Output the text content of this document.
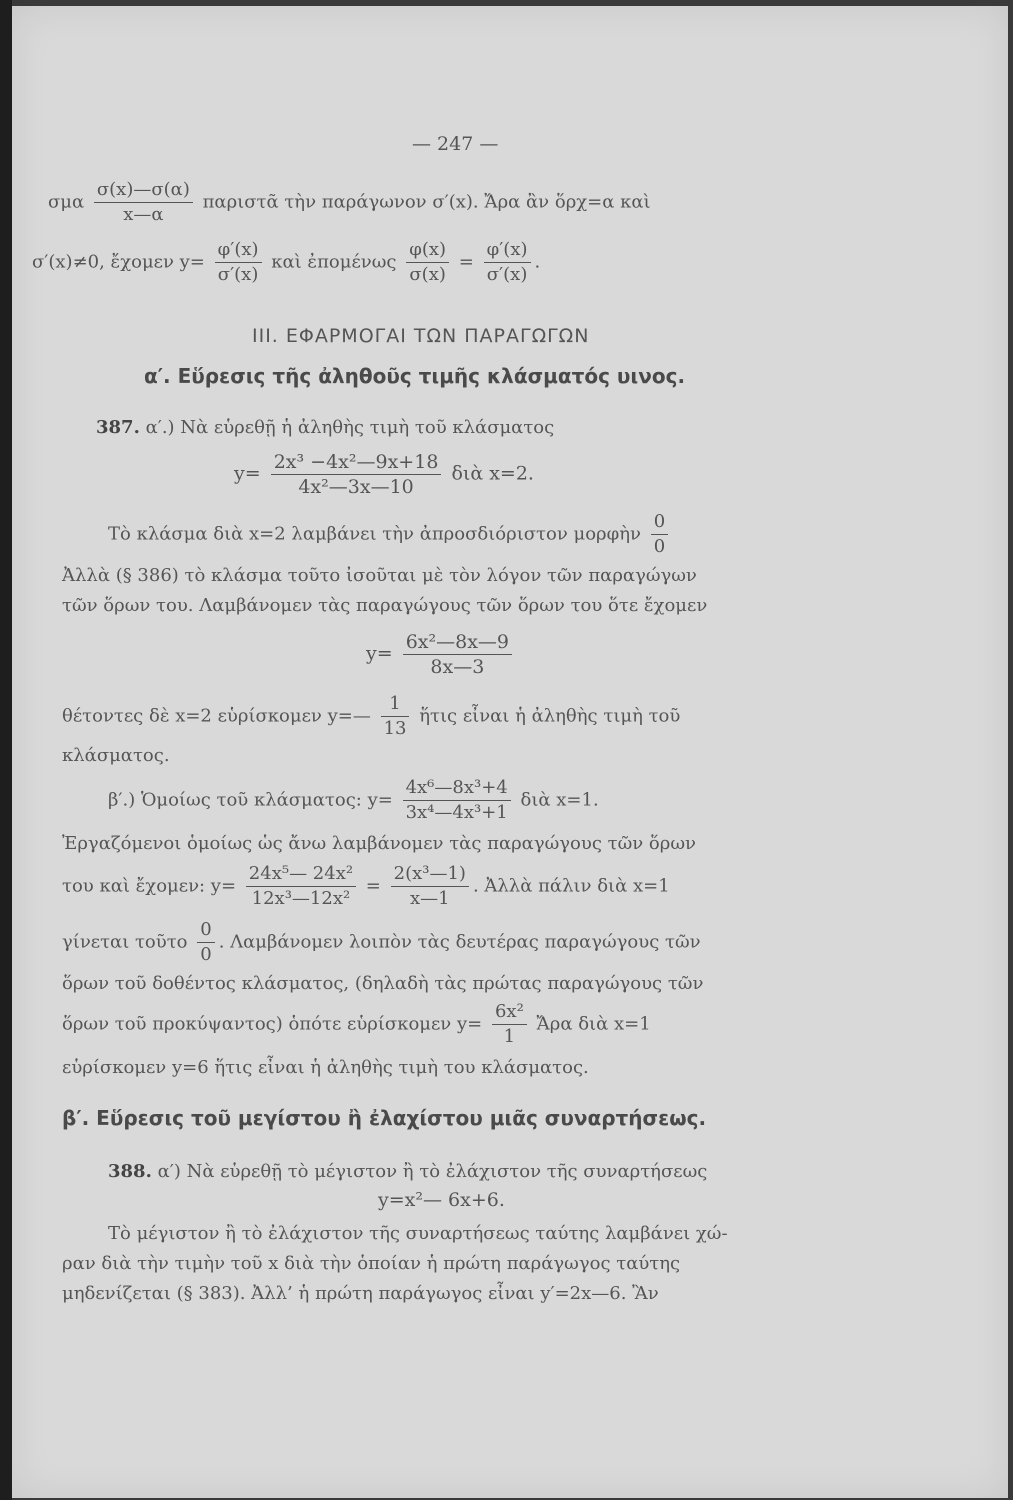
— 247 —
σμα $\frac{\sigma(x)—\sigma(\alpha)}{x—\alpha}$ παριστᾶ τὴν παράγωνον σ′(x). Ἄρα ἂν ὅρχ=α καὶ
σ′(x)≠0, ἔχομεν $y= \frac{\varphi'(x)}{\sigma'(x)}$ καὶ ἐπομένως $\frac{\varphi(x)}{\sigma(x)} = \frac{\varphi'(x)}{\sigma'(x)}$ .
III. ΕΦΑΡΜΟΓΑΙ ΤΩΝ ΠΑΡΑΓΩΓΩΝ
α′. Εὕρεσις τῆς ἀληθοῦς τιμῆς κλάσματός υινος.
387. α′.) Νὰ εὑρεθῇ ἡ ἀληθὴς τιμὴ τοῦ κλάσματος
$y= \frac{\text{2x³ −4x²—9x+18}}{\text{4x²—3x—10}}$ διὰ x=2.
Τὸ κλάσμα διὰ x=2 λαμβάνει τὴν ἀπροσδιόριστον μορφὴν $\frac{0}{0}$
Ἀλλὰ (§ 386) τὸ κλάσμα τοῦτο ἰσοῦται μὲ τὸν λόγον τῶν παραγώγων
τῶν ὅρων του. Λαμβάνομεν τὰς παραγώγους τῶν ὅρων του ὅτε ἔχομεν
$y= \frac{\text{6x²—8x—9}}{8x—3}$
θέτοντες δὲ x=2 εὑρίσκομεν y=— $\frac{1}{13}$ ἥτις εἶναι ἡ ἀληθὴς τιμὴ τοῦ
κλάσματος.
β′.) Ὁμοίως τοῦ κλάσματος: $y= \frac{\text{4x⁶—8x³+4}}{\text{3x⁴—4x³+1}}$ διὰ x=1.
Ἐργαζόμενοι ὁμοίως ὡς ἄνω λαμβάνομεν τὰς παραγώγους τῶν ὅρων
του καὶ ἔχομεν: $y= \frac{\text{24x⁵— 24x²}}{\text{12x³—12x²}} = \frac{\text{2(x³—1)}}{x—1}$ . Ἀλλὰ πάλιν διὰ x=1
γίνεται τοῦτο $\frac{0}{0}$ . Λαμβάνομεν λοιπὸν τὰς δευτέρας παραγώγους τῶν
ὅρων τοῦ δοθέντος κλάσματος, (δηλαδὴ τὰς πρώτας παραγώγους τῶν
ὅρων τοῦ προκύψαντος) ὁπότε εὑρίσκομεν $y= \frac{\text{6x²}}{1}$ Ἄρα διὰ x=1
εὑρίσκομεν y=6 ἥτις εἶναι ἡ ἀληθὴς τιμὴ του κλάσματος.
β′. Εὕρεσις τοῦ μεγίστου ἢ ἐλαχίστου μιᾶς συναρτήσεως.
388. α′) Νὰ εὑρεθῇ τὸ μέγιστον ἢ τὸ ἐλάχιστον τῆς συναρτήσεως
y=x²— 6x+6.
Τὸ μέγιστον ἢ τὸ ἐλάχιστον τῆς συναρτήσεως ταύτης λαμβάνει χώ-
ραν διὰ τὴν τιμὴν τοῦ x διὰ τὴν ὁποίαν ἡ πρώτη παράγωγος ταύτης
μηδενίζεται (§ 383). Ἀλλ’ ἡ πρώτη παράγωγος εἶναι y′=2x—6. Ἂν
